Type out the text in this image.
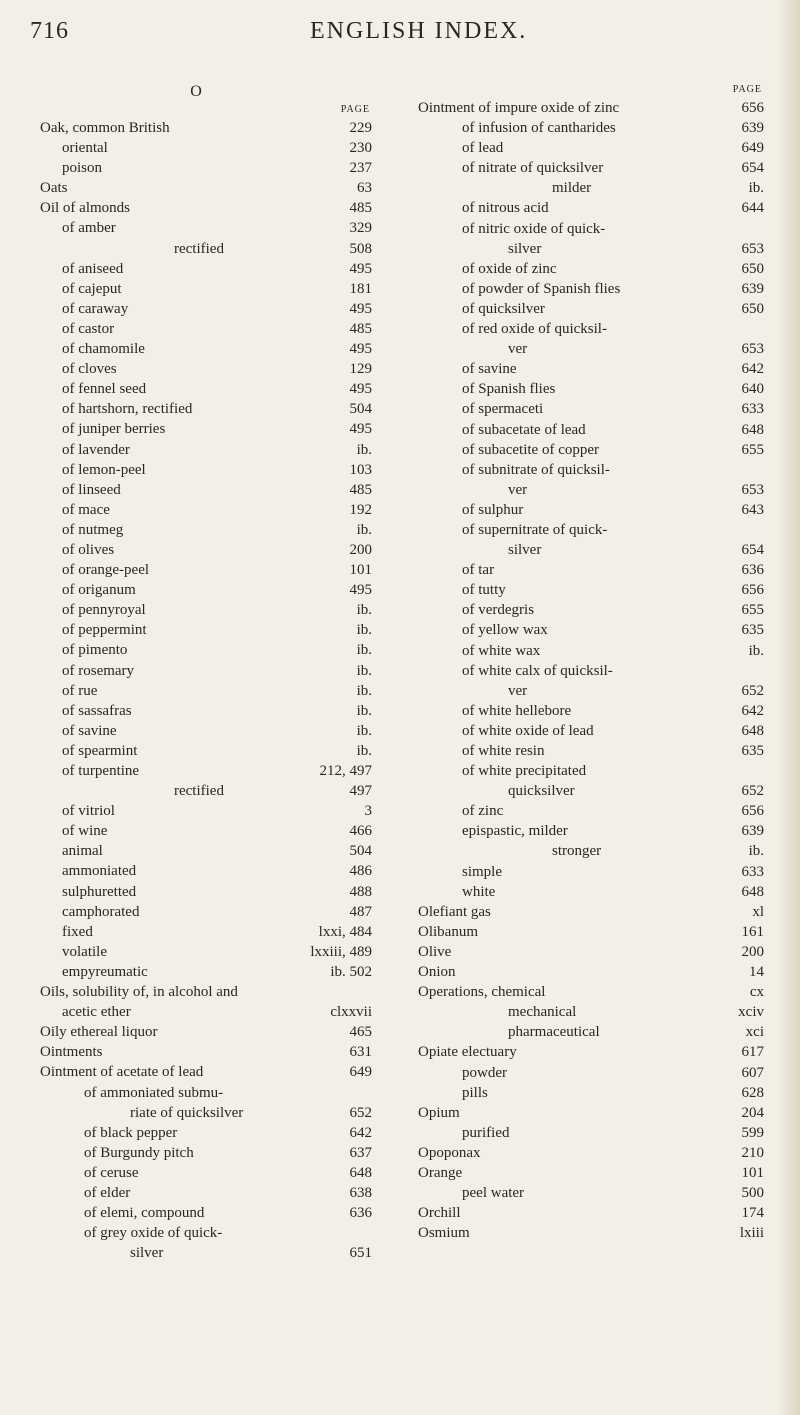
716	ENGLISH INDEX.
O
PAGE
Oak, common British	229
oriental	230
poison	237
Oats	63
Oil of almonds	485
of amber	329
rectified	508
of aniseed	495
of cajeput	181
of caraway	495
of castor	485
of chamomile	495
of cloves	129
of fennel seed	495
of hartshorn, rectified	504
of juniper berries	495
of lavender	ib.
of lemon-peel	103
of linseed	485
of mace	192
of nutmeg	ib.
of olives	200
of orange-peel	101
of origanum	495
of pennyroyal	ib.
of peppermint	ib.
of pimento	ib.
of rosemary	ib.
of rue	ib.
of sassafras	ib.
of savine	ib.
of spearmint	ib.
of turpentine	212, 497
rectified	497
of vitriol	3
of wine	466
animal	504
ammoniated	486
sulphuretted	488
camphorated	487
fixed	lxxi, 484
volatile	lxxiii, 489
empyreumatic	ib. 502
Oils, solubility of, in alcohol and
acetic ether	clxxvii
Oily ethereal liquor	465
Ointments	631
Ointment of acetate of lead	649
of ammoniated submu-
riate of quicksilver	652
of black pepper	642
of Burgundy pitch	637
of ceruse	648
of elder	638
of elemi, compound	636
of grey oxide of quick-
silver	651
PAGE
Ointment of impure oxide of zinc	656
of infusion of cantharides	639
of lead	649
of nitrate of quicksilver	654
milder	ib.
of nitrous acid	644
of nitric oxide of quick-
silver	653
of oxide of zinc	650
of powder of Spanish flies	639
of quicksilver	650
of red oxide of quicksil-
ver	653
of savine	642
of Spanish flies	640
of spermaceti	633
of subacetate of lead	648
of subacetite of copper	655
of subnitrate of quicksil-
ver	653
of sulphur	643
of supernitrate of quick-
silver	654
of tar	636
of tutty	656
of verdegris	655
of yellow wax	635
of white wax	ib.
of white calx of quicksil-
ver	652
of white hellebore	642
of white oxide of lead	648
of white resin	635
of white precipitated
quicksilver	652
of zinc	656
epispastic, milder	639
stronger	ib.
simple	633
white	648
Olefiant gas	xl
Olibanum	161
Olive	200
Onion	14
Operations, chemical	cx
mechanical	xciv
pharmaceutical	xci
Opiate electuary	617
powder	607
pills	628
Opium	204
purified	599
Opoponax	210
Orange	101
peel water	500
Orchill	174
Osmium	lxiii
